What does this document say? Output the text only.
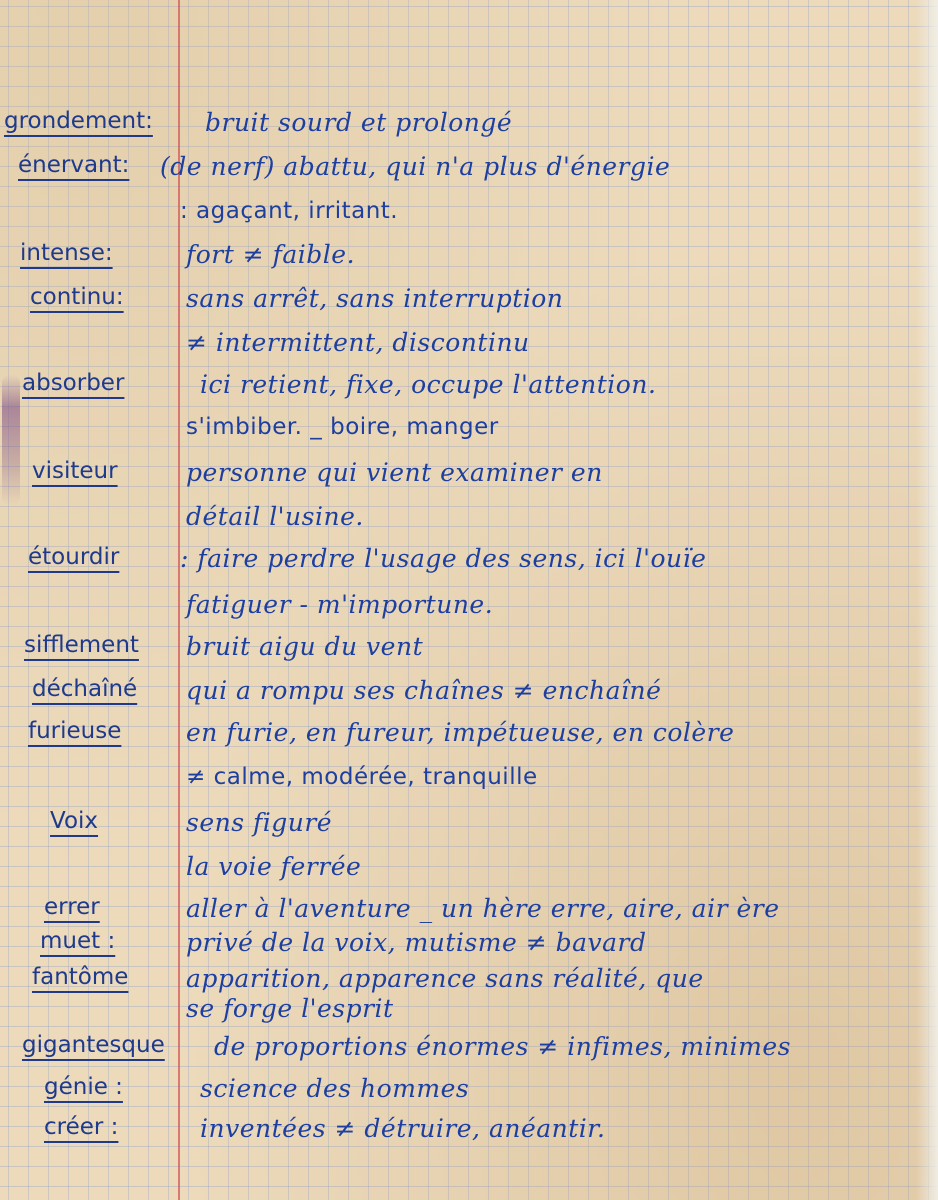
grondement: bruit sourd et prolongé
énervant: (de nerf) abattu, qui n'a plus d'énergie
: agaçant, irritant.
intense:	fort ≠ faible.
continu: sans arrêt, sans interruption
≠ intermittent, discontinu
absorber	ici retient, fixe, occupe l'attention.
s'imbiber. _ boire, manger
visiteur	personne qui vient examiner en
détail l'usine.
étourdir : faire perdre l'usage des sens, ici l'ouïe
fatiguer - m'importune.
sifflement bruit aigu du vent
déchaîné qui a rompu ses chaînes ≠ enchaîné
furieuse	en furie, en fureur, impétueuse, en colère
≠ calme, modérée, tranquille
Voix	sens figuré
la voie ferrée
errer	aller à l'aventure _ un hère erre, aire, air ère
muet :	privé de la voix, mutisme ≠ bavard
fantôme apparition, apparence sans réalité, que
se forge l'esprit
gigantesque de proportions énormes ≠ infimes, minimes
génie :	science des hommes
créer :	inventées ≠ détruire, anéantir.
